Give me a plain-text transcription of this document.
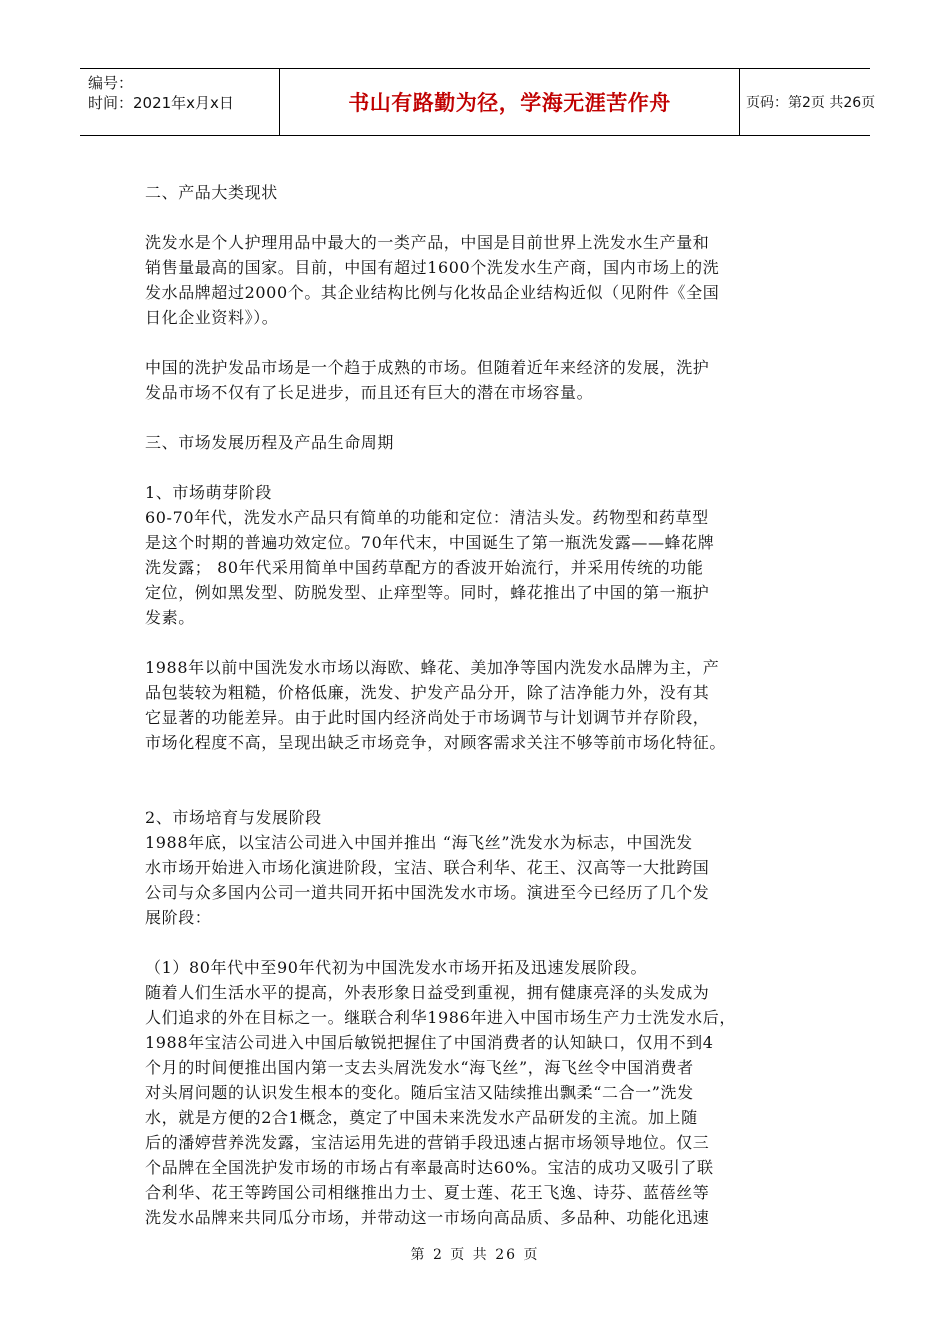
编号：
时间：2021年x月x日	书山有路勤为径，学海无涯苦作舟	页码：第2页 共26页
二、产品大类现状
洗发水是个人护理用品中最大的一类产品，中国是目前世界上洗发水生产量和
销售量最高的国家。目前，中国有超过1600个洗发水生产商，国内市场上的洗
发水品牌超过2000个。其企业结构比例与化妆品企业结构近似（见附件《全国
日化企业资料》）。
中国的洗护发品市场是一个趋于成熟的市场。但随着近年来经济的发展，洗护
发品市场不仅有了长足进步，而且还有巨大的潜在市场容量。
三、市场发展历程及产品生命周期
1、市场萌芽阶段
60-70年代，洗发水产品只有简单的功能和定位：清洁头发。药物型和药草型
是这个时期的普遍功效定位。70年代末，中国诞生了第一瓶洗发露——蜂花牌
洗发露； 80年代采用简单中国药草配方的香波开始流行，并采用传统的功能
定位，例如黑发型、防脱发型、止痒型等。同时，蜂花推出了中国的第一瓶护
发素。
1988年以前中国洗发水市场以海欧、蜂花、美加净等国内洗发水品牌为主，产
品包装较为粗糙，价格低廉，洗发、护发产品分开，除了洁净能力外，没有其
它显著的功能差异。由于此时国内经济尚处于市场调节与计划调节并存阶段，
市场化程度不高，呈现出缺乏市场竞争，对顾客需求关注不够等前市场化特征。
2、市场培育与发展阶段
1988年底，以宝洁公司进入中国并推出 “海飞丝”洗发水为标志，中国洗发
水市场开始进入市场化演进阶段，宝洁、联合利华、花王、汉高等一大批跨国
公司与众多国内公司一道共同开拓中国洗发水市场。演进至今已经历了几个发
展阶段：
（1）80年代中至90年代初为中国洗发水市场开拓及迅速发展阶段。
随着人们生活水平的提高，外表形象日益受到重视，拥有健康亮泽的头发成为
人们追求的外在目标之一。继联合利华1986年进入中国市场生产力士洗发水后，
1988年宝洁公司进入中国后敏锐把握住了中国消费者的认知缺口，仅用不到4
个月的时间便推出国内第一支去头屑洗发水“海飞丝”，海飞丝令中国消费者
对头屑问题的认识发生根本的变化。随后宝洁又陆续推出飘柔“二合一”洗发
水，就是方便的2合1概念，奠定了中国未来洗发水产品研发的主流。加上随
后的潘婷营养洗发露，宝洁运用先进的营销手段迅速占据市场领导地位。仅三
个品牌在全国洗护发市场的市场占有率最高时达60%。宝洁的成功又吸引了联
合利华、花王等跨国公司相继推出力士、夏士莲、花王飞逸、诗芬、蓝蓓丝等
洗发水品牌来共同瓜分市场，并带动这一市场向高品质、多品种、功能化迅速
第 2 页 共 26 页
